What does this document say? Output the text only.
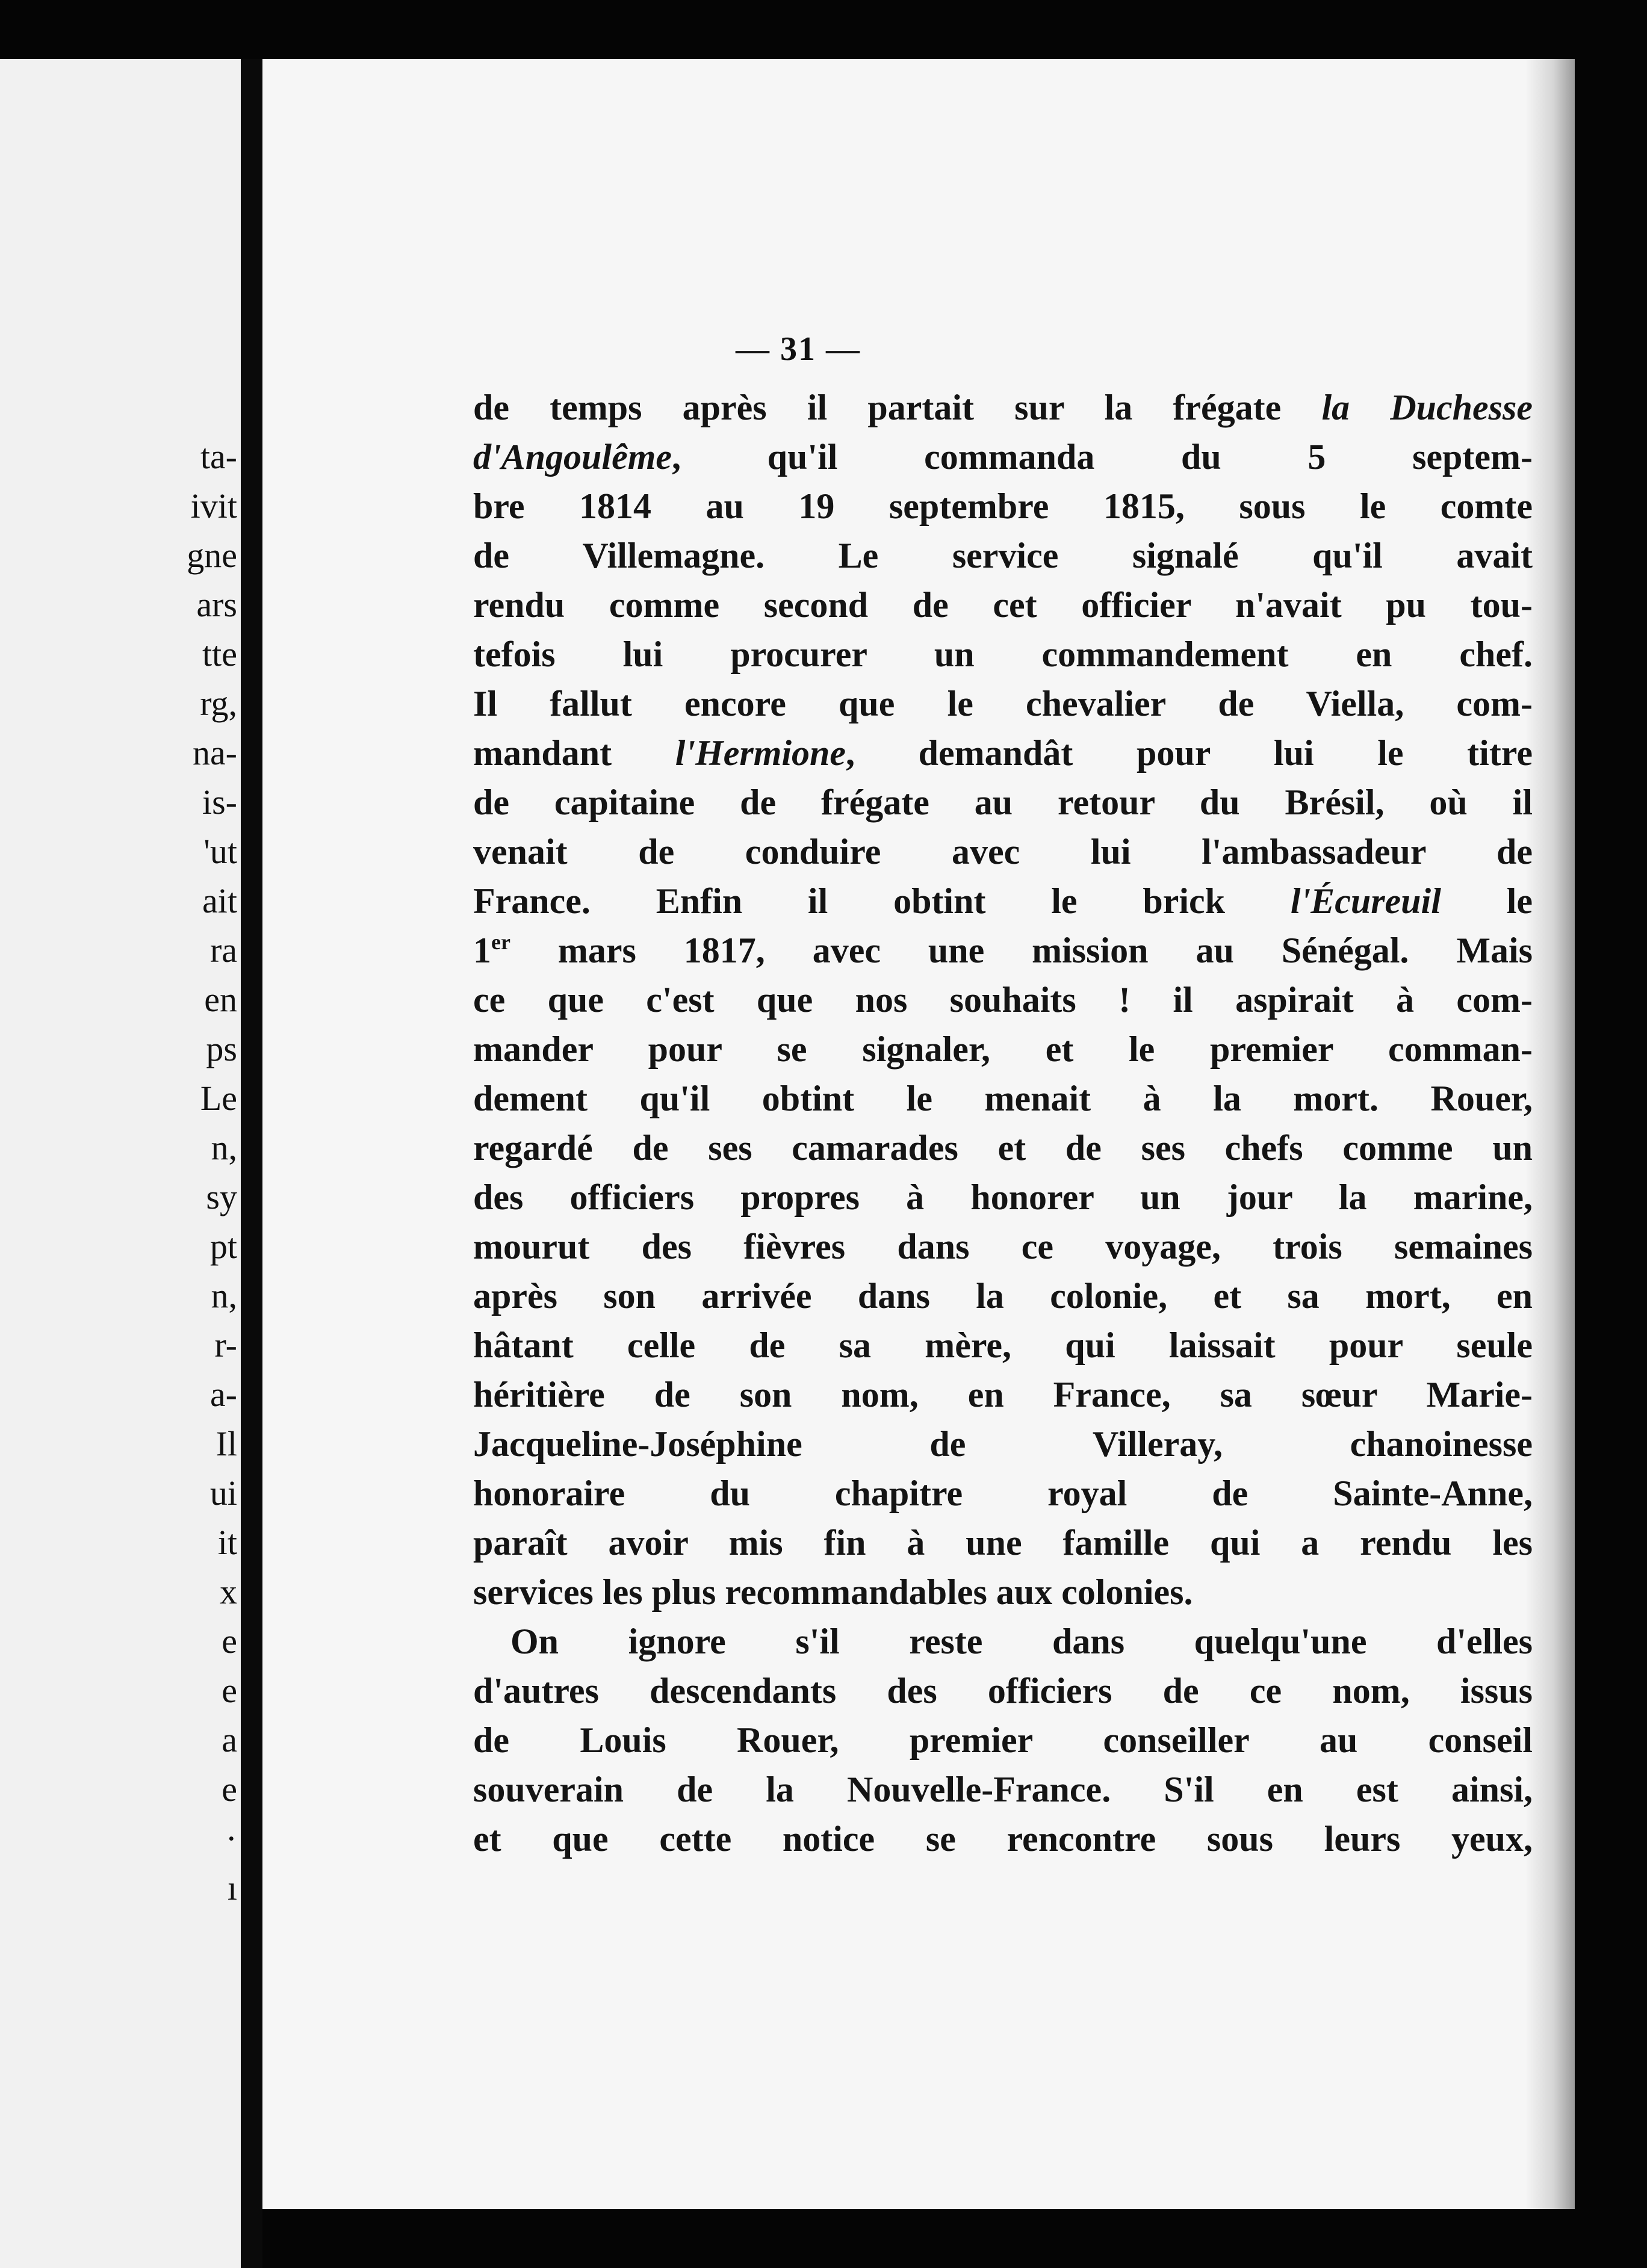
ta-
ivit
gne
ars
tte
rg,
na-
is-
'ut
ait
ra
en
ps
Le
n,
sy
pt
n,
r-
a-
Il
ui
it
x
e
e
a
e
·
ı
— 31 —
de temps après il partait sur la frégate la Duchesse
d'Angoulême, qu'il commanda du 5 septem-
bre 1814 au 19 septembre 1815, sous le comte
de Villemagne. Le service signalé qu'il avait
rendu comme second de cet officier n'avait pu tou-
tefois lui procurer un commandement en chef.
Il fallut encore que le chevalier de Viella, com-
mandant l'Hermione, demandât pour lui le titre
de capitaine de frégate au retour du Brésil, où il
venait de conduire avec lui l'ambassadeur de
France. Enfin il obtint le brick l'Écureuil le
1er mars 1817, avec une mission au Sénégal. Mais
ce que c'est que nos souhaits ! il aspirait à com-
mander pour se signaler, et le premier comman-
dement qu'il obtint le menait à la mort. Rouer,
regardé de ses camarades et de ses chefs comme un
des officiers propres à honorer un jour la marine,
mourut des fièvres dans ce voyage, trois semaines
après son arrivée dans la colonie, et sa mort, en
hâtant celle de sa mère, qui laissait pour seule
héritière de son nom, en France, sa sœur Marie-
Jacqueline-Joséphine de Villeray, chanoinesse
honoraire du chapitre royal de Sainte-Anne,
paraît avoir mis fin à une famille qui a rendu les
services les plus recommandables aux colonies.
On ignore s'il reste dans quelqu'une d'elles
d'autres descendants des officiers de ce nom, issus
de Louis Rouer, premier conseiller au conseil
souverain de la Nouvelle-France. S'il en est ainsi,
et que cette notice se rencontre sous leurs yeux,
